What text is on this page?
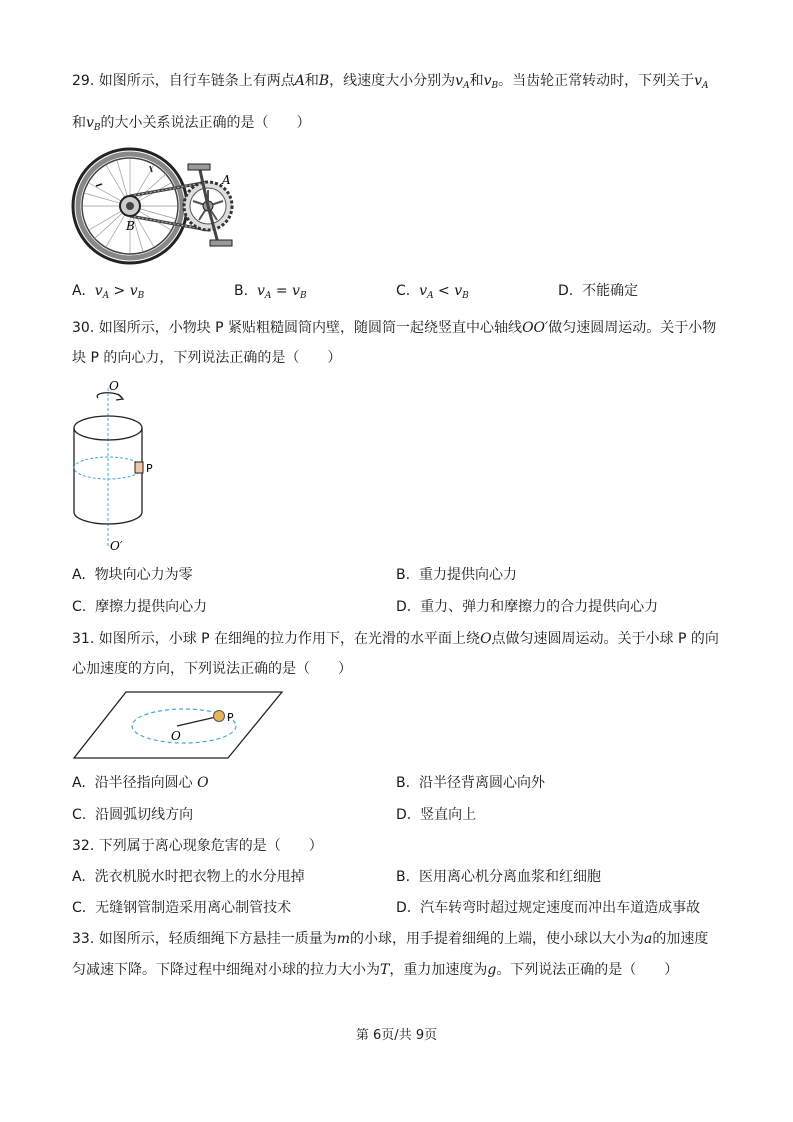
29. 如图所示，自行车链条上有两点A和B，线速度大小分别为$v_A$和$v_B$。当齿轮正常转动时，下列关于$v_A$
和$v_B$的大小关系说法正确的是（　　）
A
B
A. $v_A > v_B$	B. $v_A = v_B$	C. $v_A < v_B$	D. 不能确定
30. 如图所示，小物块 P 紧贴粗糙圆筒内壁，随圆筒一起绕竖直中心轴线OO′做匀速圆周运动。关于小物
块 P 的向心力，下列说法正确的是（　　）
O
P
O′
A. 物块向心力为零	B. 重力提供向心力
C. 摩擦力提供向心力	D. 重力、弹力和摩擦力的合力提供向心力
31. 如图所示，小球 P 在细绳的拉力作用下，在光滑的水平面上绕O点做匀速圆周运动。关于小球 P 的向
心加速度的方向，下列说法正确的是（　　）
P
O
A. 沿半径指向圆心 O	B. 沿半径背离圆心向外
C. 沿圆弧切线方向	D. 竖直向上
32. 下列属于离心现象危害的是（　　）
A. 洗衣机脱水时把衣物上的水分甩掉	B. 医用离心机分离血浆和红细胞
C. 无缝钢管制造采用离心制管技术	D. 汽车转弯时超过规定速度而冲出车道造成事故
33. 如图所示，轻质细绳下方悬挂一质量为m的小球，用手提着细绳的上端，使小球以大小为a的加速度
匀减速下降。下降过程中细绳对小球的拉力大小为T，重力加速度为g。下列说法正确的是（　　）
第 6页/共 9页
